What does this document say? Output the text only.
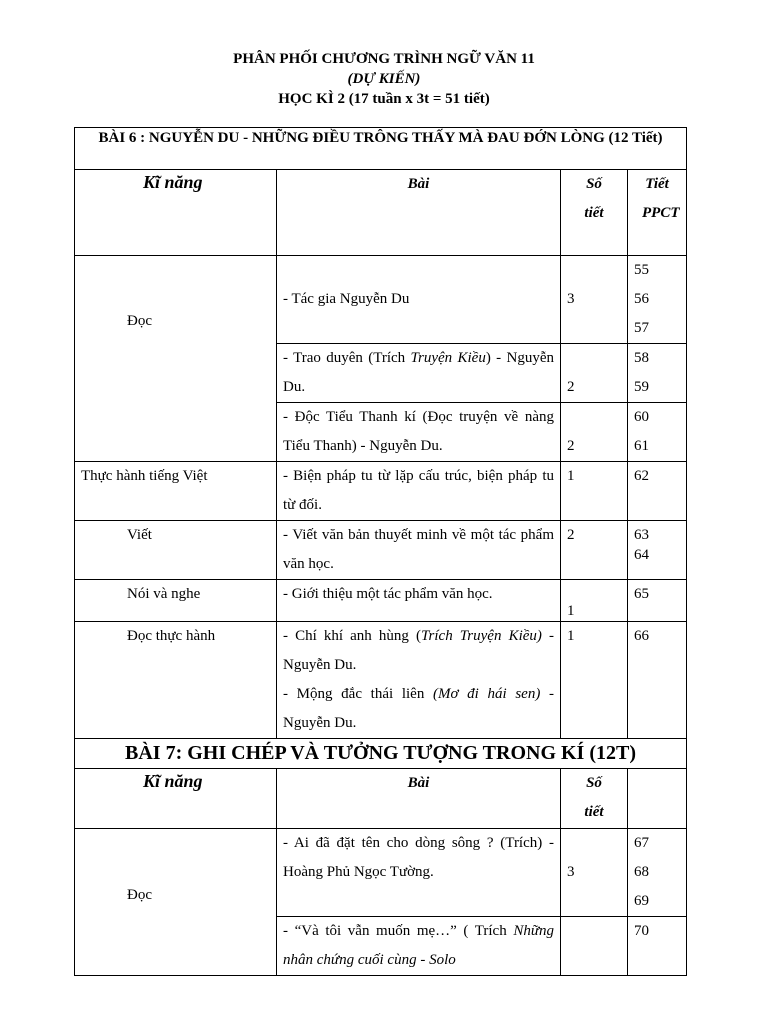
PHÂN PHỐI CHƯƠNG TRÌNH NGỮ VĂN 11
(DỰ KIẾN)
HỌC KÌ 2 (17 tuần x 3t = 51 tiết)
BÀI 6 : NGUYỄN DU - NHỮNG ĐIỀU TRÔNG THẤY MÀ ĐAU ĐỚN LÒNG (12 Tiết)			
Kĩ năng	Bài	Số tiết	Tiết PPCT
Đọc	- Tác gia Nguyễn Du	3	55
56
57

	- Trao duyên (Trích Truyện Kiều) - Nguyễn Du.	2	58
59

	- Độc Tiểu Thanh kí (Đọc truyện về nàng Tiểu Thanh) - Nguyễn Du.	2	60
61

Thực hành tiếng Việt	- Biện pháp tu từ lặp cấu trúc, biện pháp tu từ đối.	1	62

Viết	- Viết văn bản thuyết minh về một tác phẩm văn học.	2	63
64

Nói và nghe	- Giới thiệu một tác phẩm văn học.	1	65

Đọc thực hành	- Chí khí anh hùng (Trích Truyện Kiều) - Nguyễn Du.
- Mộng đắc thái liên (Mơ đi hái sen) - Nguyễn Du.	1	66

BÀI 7: GHI CHÉP VÀ TƯỞNG TƯỢNG TRONG KÍ (12T)			
Kĩ năng	Bài	Số tiết	
Đọc	- Ai đã đặt tên cho dòng sông ? (Trích) - Hoàng Phủ Ngọc Tường.	3	67
68
69

	- “Và tôi vẫn muốn mẹ…” ( Trích Những nhân chứng cuối cùng - Solo		70
